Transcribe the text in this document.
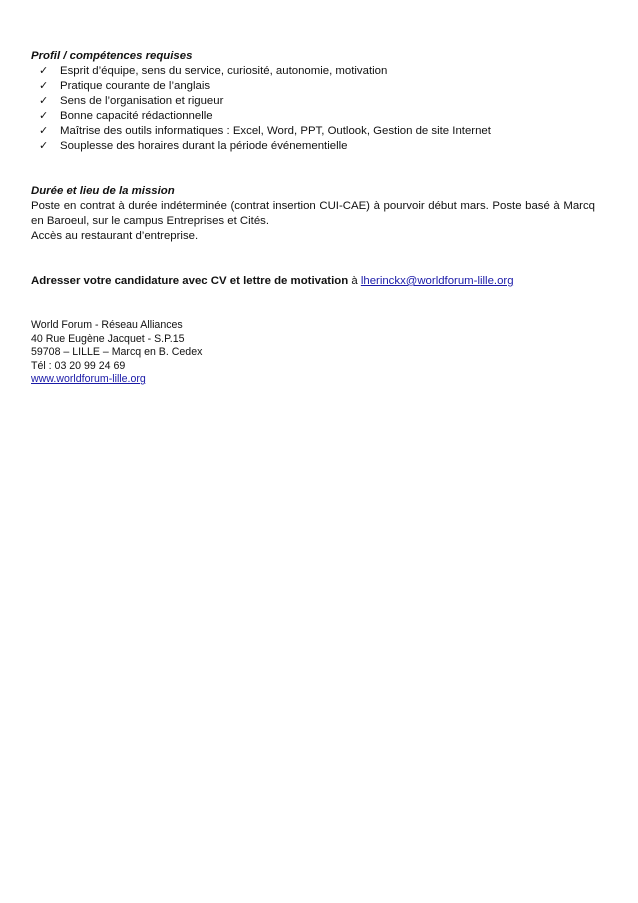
Profil / compétences requises

✓	Esprit d’équipe, sens du service, curiosité, autonomie, motivation
✓	Pratique courante de l’anglais
✓	Sens de l’organisation et rigueur
✓	Bonne capacité rédactionnelle
✓	Maîtrise des outils informatiques : Excel, Word, PPT, Outlook, Gestion de site Internet
✓	Souplesse des horaires durant la période événementielle

Durée et lieu de la mission

Poste en contrat à durée indéterminée (contrat insertion CUI-CAE) à pourvoir début mars. Poste basé à Marcq en Baroeul, sur le campus Entreprises et Cités.

Accès au restaurant d’entreprise.

Adresser votre candidature avec CV et lettre de motivation à lherinckx@worldforum-lille.org

World Forum - Réseau Alliances

40 Rue Eugène Jacquet - S.P.15

59708 – LILLE – Marcq en B. Cedex

Tél : 03 20 99 24 69

www.worldforum-lille.org
